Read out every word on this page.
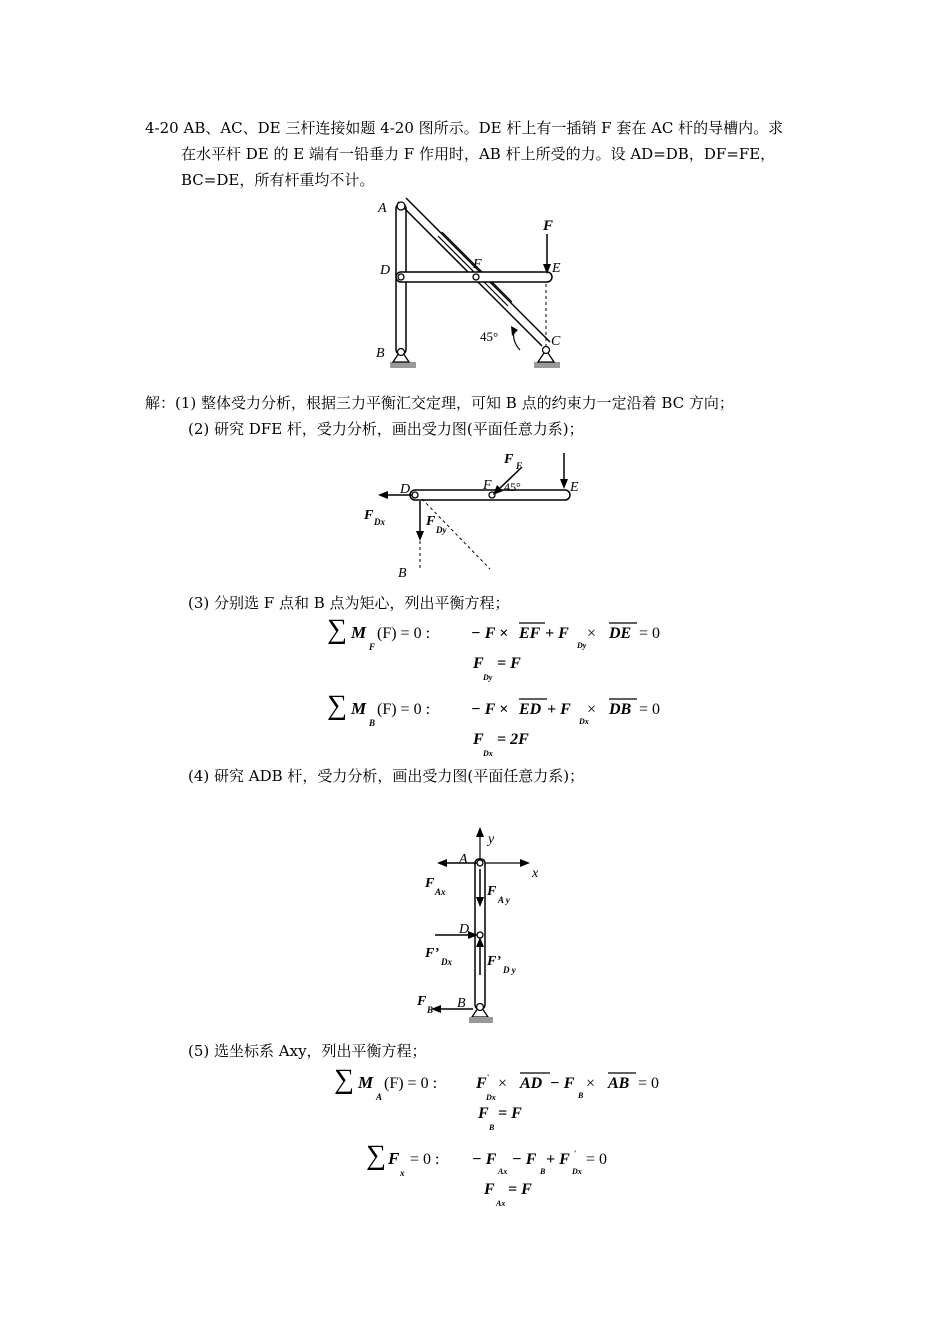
4-20 AB、AC、DE 三杆连接如题 4-20 图所示。DE 杆上有一插销 F 套在 AC 杆的导槽内。求
在水平杆 DE 的 E 端有一铅垂力 F 作用时，AB 杆上所受的力。设 AD=DB，DF=FE，
BC=DE，所有杆重均不计。
A
D
B
F	E
C
F
45°
解：(1) 整体受力分析，根据三力平衡汇交定理，可知 B 点的约束力一定沿着 BC 方向；
(2) 研究 DFE 杆，受力分析，画出受力图(平面任意力系)；
D	F	E
B
45°
F F
F Dx	F
Dy
(3) 分别选 F 点和 B 点为矩心，列出平衡方程；
∑ M
F
(F) = 0 :	− F × EF + F
Dy
× DE = 0
F
Dy
= F
∑ M
B
(F) = 0 :	− F × ED + F
Dx
× DB = 0
F
Dx
= 2F
(4) 研究 ADB 杆，受力分析，画出受力图(平面任意力系)；
y
x
A
D
B
F
Ax	F
A y
F’
Dx	F’
D y
F
B
(5) 选坐标系 Axy，列出平衡方程；
∑ M
A
(F) = 0 : F '
Dx
× AD − F
B
× AB = 0
F
B
= F
∑ F
x
= 0 : − F
Ax
− F
B
+ F '
Dx
= 0
F
Ax
= F
